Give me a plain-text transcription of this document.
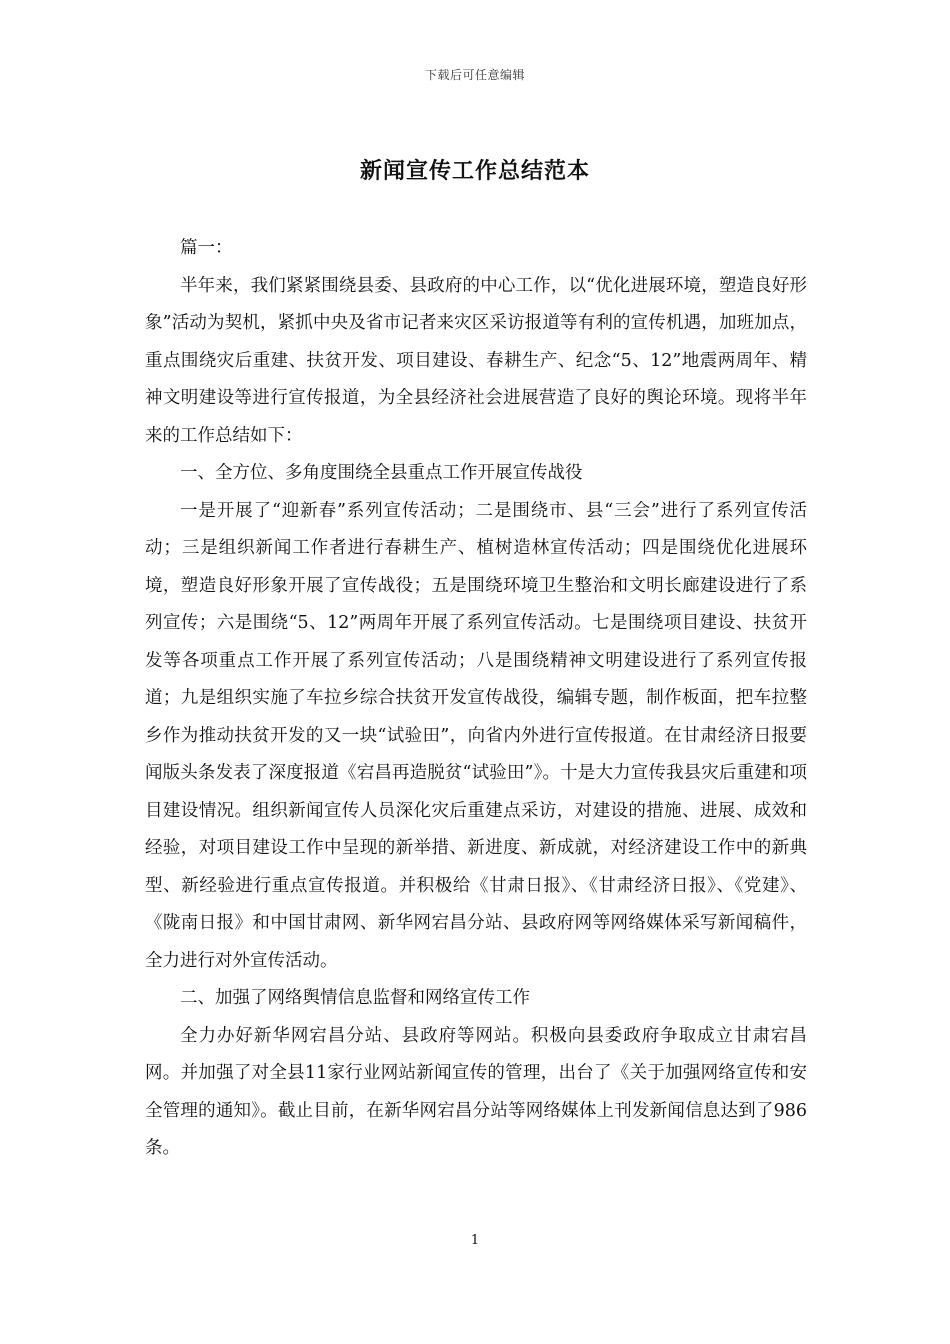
下载后可任意编辑
新闻宣传工作总结范本

篇一：

半年来，我们紧紧围绕县委、县政府的中心工作，以“优化进展环境，塑造良好形象”活动为契机，紧抓中央及省市记者来灾区采访报道等有利的宣传机遇，加班加点，重点围绕灾后重建、扶贫开发、项目建设、春耕生产、纪念“5、12”地震两周年、精神文明建设等进行宣传报道，为全县经济社会进展营造了良好的舆论环境。现将半年来的工作总结如下：

一、全方位、多角度围绕全县重点工作开展宣传战役

一是开展了“迎新春”系列宣传活动；二是围绕市、县“三会”进行了系列宣传活动；三是组织新闻工作者进行春耕生产、植树造林宣传活动；四是围绕优化进展环境，塑造良好形象开展了宣传战役；五是围绕环境卫生整治和文明长廊建设进行了系列宣传；六是围绕“5、12”两周年开展了系列宣传活动。七是围绕项目建设、扶贫开发等各项重点工作开展了系列宣传活动；八是围绕精神文明建设进行了系列宣传报道；九是组织实施了车拉乡综合扶贫开发宣传战役，编辑专题，制作板面，把车拉整乡作为推动扶贫开发的又一块“试验田”，向省内外进行宣传报道。在甘肃经济日报要闻版头条发表了深度报道《宕昌再造脱贫“试验田”》。十是大力宣传我县灾后重建和项目建设情况。组织新闻宣传人员深化灾后重建点采访，对建设的措施、进展、成效和经验，对项目建设工作中呈现的新举措、新进度、新成就，对经济建设工作中的新典型、新经验进行重点宣传报道。并积极给《甘肃日报》、《甘肃经济日报》、《党建》、《陇南日报》和中国甘肃网、新华网宕昌分站、县政府网等网络媒体采写新闻稿件，全力进行对外宣传活动。

二、加强了网络舆情信息监督和网络宣传工作

全力办好新华网宕昌分站、县政府等网站。积极向县委政府争取成立甘肃宕昌网。并加强了对全县11家行业网站新闻宣传的管理，出台了《关于加强网络宣传和安全管理的通知》。截止目前，在新华网宕昌分站等网络媒体上刊发新闻信息达到了986条。

1
